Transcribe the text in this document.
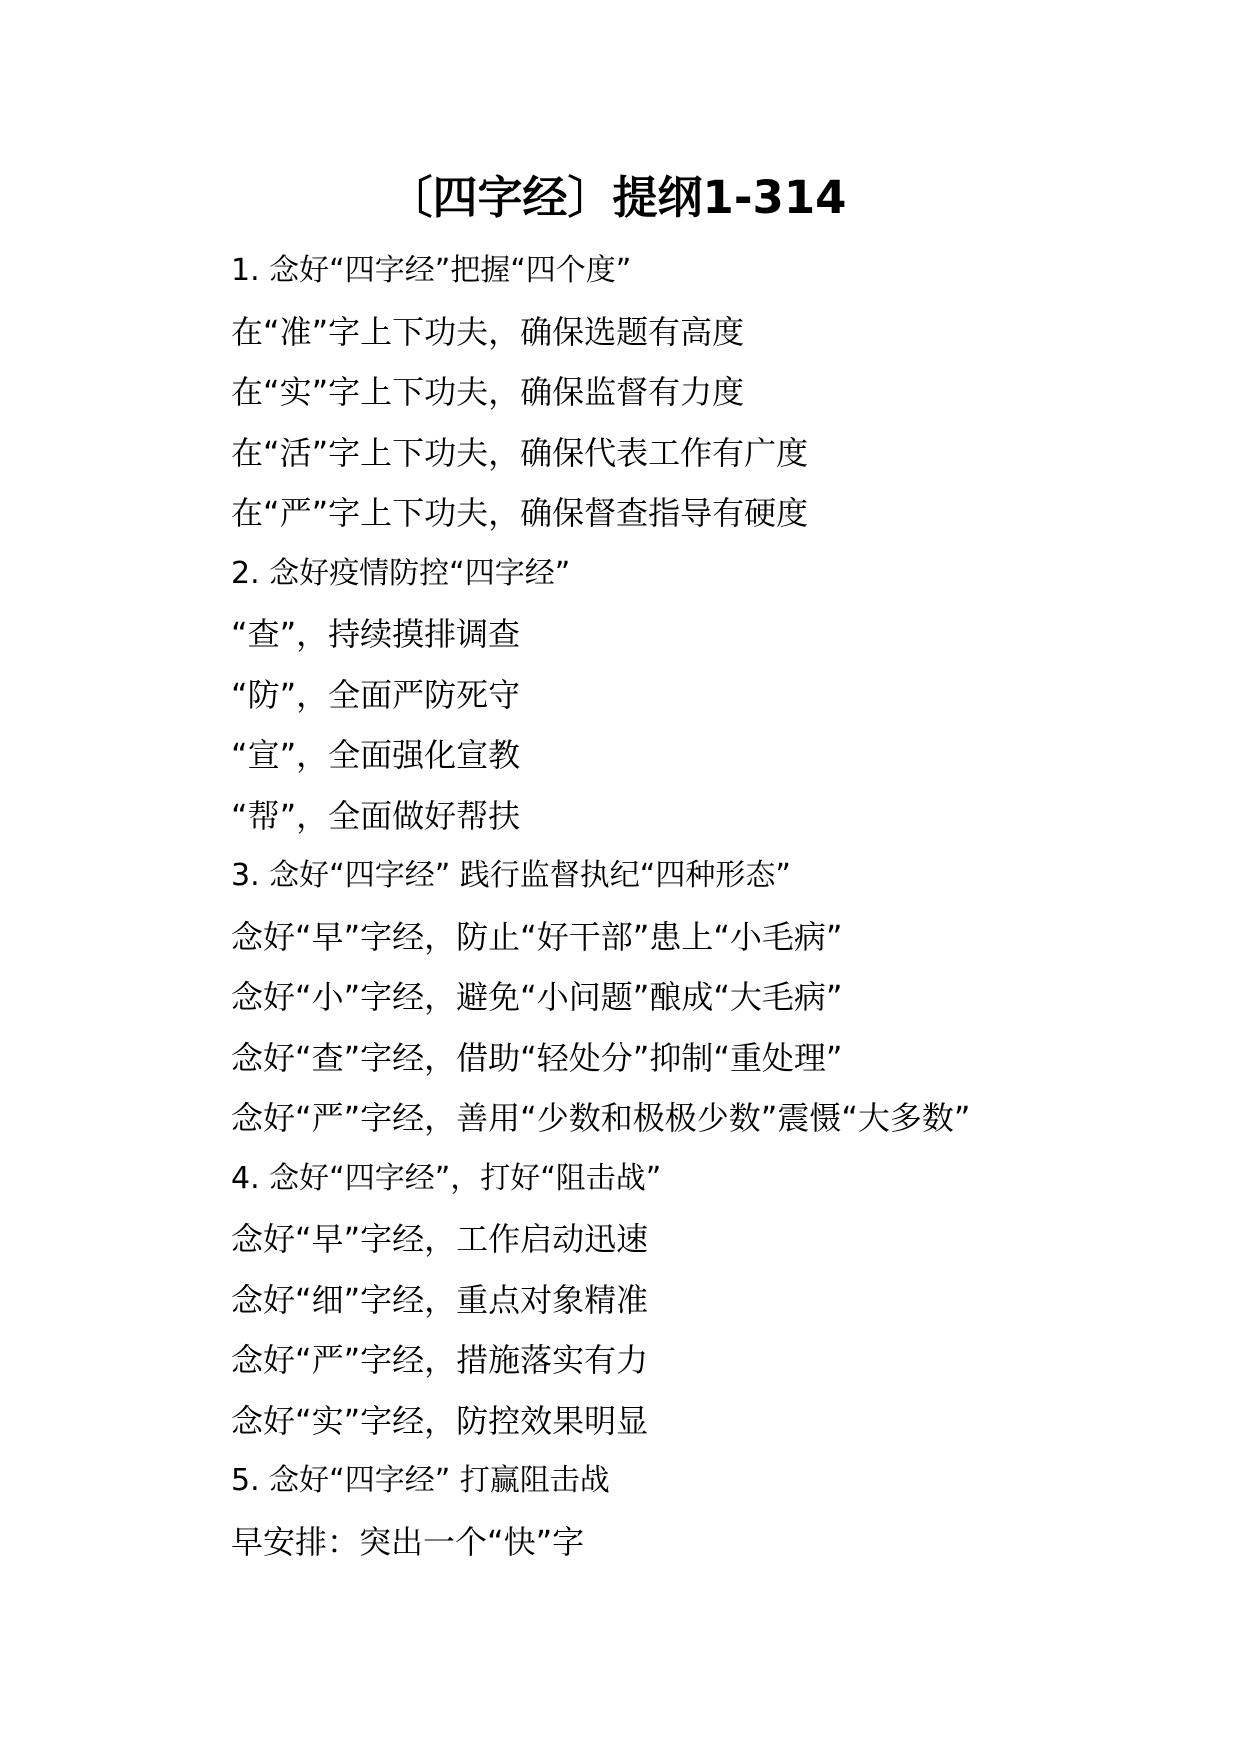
〔四字经〕提纲1-314
1. 念好“四字经”把握“四个度”
在“准”字上下功夫，确保选题有高度
在“实”字上下功夫，确保监督有力度
在“活”字上下功夫，确保代表工作有广度
在“严”字上下功夫，确保督查指导有硬度
2. 念好疫情防控“四字经”
“查”，持续摸排调查
“防”，全面严防死守
“宣”，全面强化宣教
“帮”，全面做好帮扶
3. 念好“四字经” 践行监督执纪“四种形态”
念好“早”字经，防止“好干部”患上“小毛病”
念好“小”字经，避免“小问题”酿成“大毛病”
念好“查”字经，借助“轻处分”抑制“重处理”
念好“严”字经，善用“少数和极极少数”震慑“大多数”
4. 念好“四字经”，打好“阻击战”
念好“早”字经，工作启动迅速
念好“细”字经，重点对象精准
念好“严”字经，措施落实有力
念好“实”字经，防控效果明显
5. 念好“四字经” 打赢阻击战
早安排：突出一个“快”字
